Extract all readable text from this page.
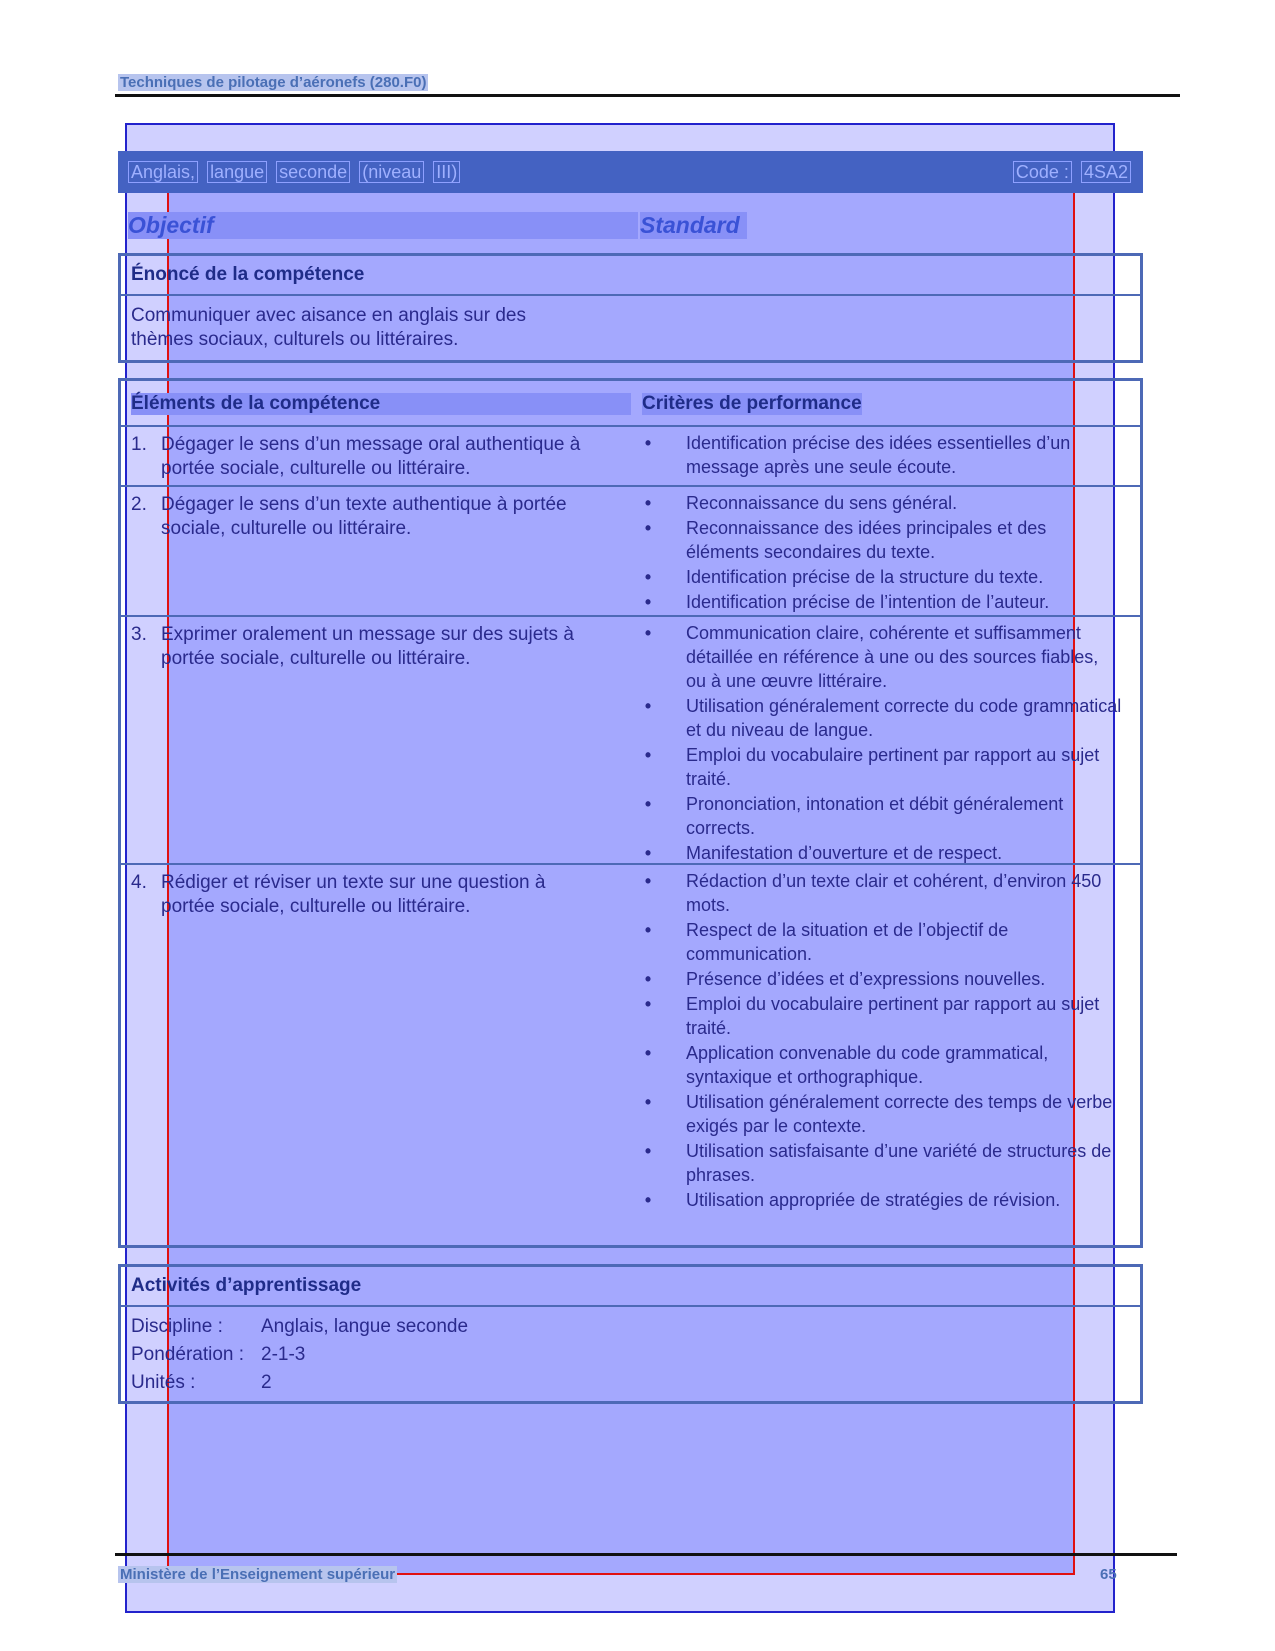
Techniques de pilotage d’aéronefs (280.F0)
Anglais, langue seconde (niveau III)	Code : 4SA2
Objectif	Standard
Énoncé de la compétence
Communiquer avec aisance en anglais sur des
thèmes sociaux, culturels ou littéraires.
Éléments de la compétence	Critères de performance
1. Dégager le sens d’un message oral authentique à
portée sociale, culturelle ou littéraire.
• Identification précise des idées essentielles d’un message après une seule écoute.
2. Dégager le sens d’un texte authentique à portée
sociale, culturelle ou littéraire.
• Reconnaissance du sens général.
• Reconnaissance des idées principales et des éléments secondaires du texte.
• Identification précise de la structure du texte.
• Identification précise de l’intention de l’auteur.
3. Exprimer oralement un message sur des sujets à
portée sociale, culturelle ou littéraire.
• Communication claire, cohérente et suffisamment détaillée en référence à une ou des sources fiables, ou à une œuvre littéraire.
• Utilisation généralement correcte du code grammatical et du niveau de langue.
• Emploi du vocabulaire pertinent par rapport au sujet traité.
• Prononciation, intonation et débit généralement corrects.
• Manifestation d’ouverture et de respect.
4. Rédiger et réviser un texte sur une question à
portée sociale, culturelle ou littéraire.
• Rédaction d’un texte clair et cohérent, d’environ 450 mots.
• Respect de la situation et de l’objectif de communication.
• Présence d’idées et d’expressions nouvelles.
• Emploi du vocabulaire pertinent par rapport au sujet traité.
• Application convenable du code grammatical, syntaxique et orthographique.
• Utilisation généralement correcte des temps de verbe exigés par le contexte.
• Utilisation satisfaisante d’une variété de structures de phrases.
• Utilisation appropriée de stratégies de révision.
Activités d’apprentissage
Discipline : Anglais, langue seconde
Pondération : 2-1-3
Unités :	2
Ministère de l’Enseignement supérieur	65
